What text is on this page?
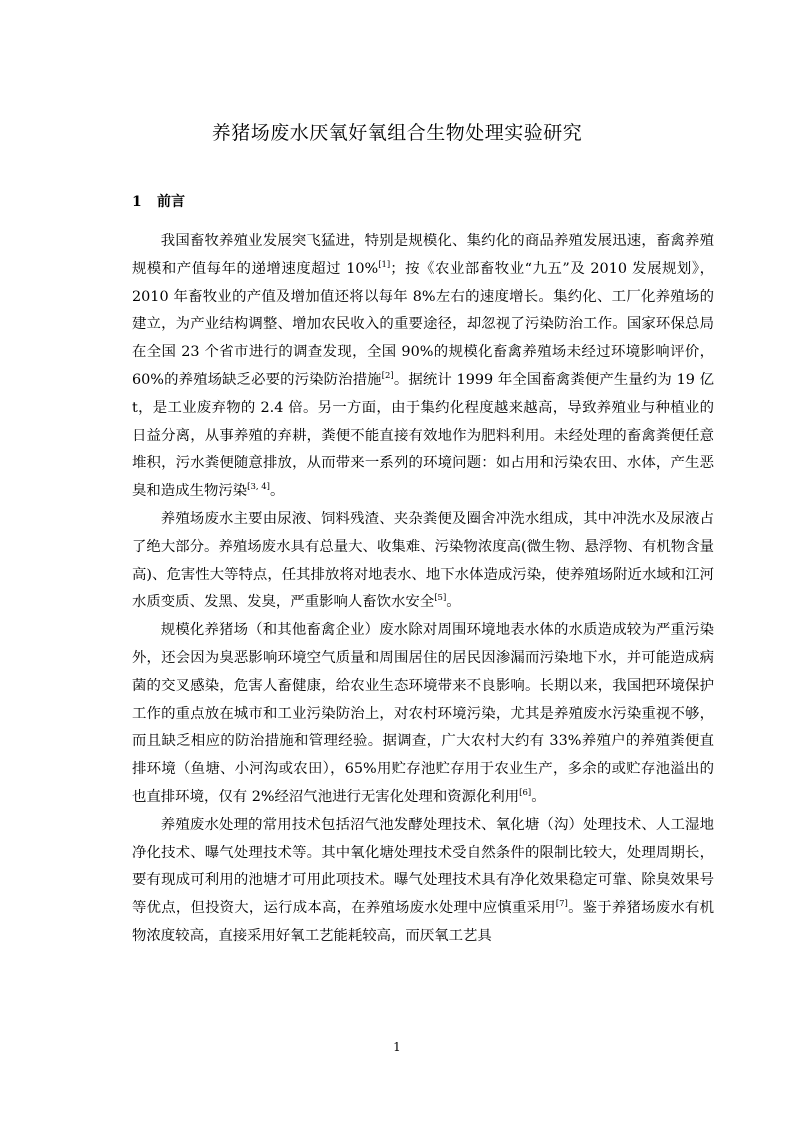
养猪场废水厌氧好氧组合生物处理实验研究
1 前言

我国畜牧养殖业发展突飞猛进，特别是规模化、集约化的商品养殖发展迅速，畜禽养殖规模和产值每年的递增速度超过 10%[1]；按《农业部畜牧业“九五”及 2010 发展规划》，2010 年畜牧业的产值及增加值还将以每年 8%左右的速度增长。集约化、工厂化养殖场的建立，为产业结构调整、增加农民收入的重要途径，却忽视了污染防治工作。国家环保总局在全国 23 个省市进行的调查发现，全国 90%的规模化畜禽养殖场未经过环境影响评价，60%的养殖场缺乏必要的污染防治措施[2]。据统计 1999 年全国畜禽粪便产生量约为 19 亿 t，是工业废弃物的 2.4 倍。另一方面，由于集约化程度越来越高，导致养殖业与种植业的日益分离，从事养殖的弃耕，粪便不能直接有效地作为肥料利用。未经处理的畜禽粪便任意堆积，污水粪便随意排放，从而带来一系列的环境问题：如占用和污染农田、水体，产生恶臭和造成生物污染[3, 4]。

养殖场废水主要由尿液、饲料残渣、夹杂粪便及圈舍冲洗水组成，其中冲洗水及尿液占了绝大部分。养殖场废水具有总量大、收集难、污染物浓度高(微生物、悬浮物、有机物含量高)、危害性大等特点，任其排放将对地表水、地下水体造成污染，使养殖场附近水域和江河水质变质、发黑、发臭，严重影响人畜饮水安全[5]。

规模化养猪场（和其他畜禽企业）废水除对周围环境地表水体的水质造成较为严重污染外，还会因为臭恶影响环境空气质量和周围居住的居民因渗漏而污染地下水，并可能造成病菌的交叉感染，危害人畜健康，给农业生态环境带来不良影响。长期以来，我国把环境保护工作的重点放在城市和工业污染防治上，对农村环境污染，尤其是养殖废水污染重视不够，而且缺乏相应的防治措施和管理经验。据调查，广大农村大约有 33%养殖户的养殖粪便直排环境（鱼塘、小河沟或农田），65%用贮存池贮存用于农业生产，多余的或贮存池溢出的也直排环境，仅有 2%经沼气池进行无害化处理和资源化利用[6]。

养殖废水处理的常用技术包括沼气池发酵处理技术、氧化塘（沟）处理技术、人工湿地净化技术、曝气处理技术等。其中氧化塘处理技术受自然条件的限制比较大，处理周期长，要有现成可利用的池塘才可用此项技术。曝气处理技术具有净化效果稳定可靠、除臭效果号等优点，但投资大，运行成本高，在养殖场废水处理中应慎重采用[7]。鉴于养猪场废水有机物浓度较高，直接采用好氧工艺能耗较高，而厌氧工艺具

1
